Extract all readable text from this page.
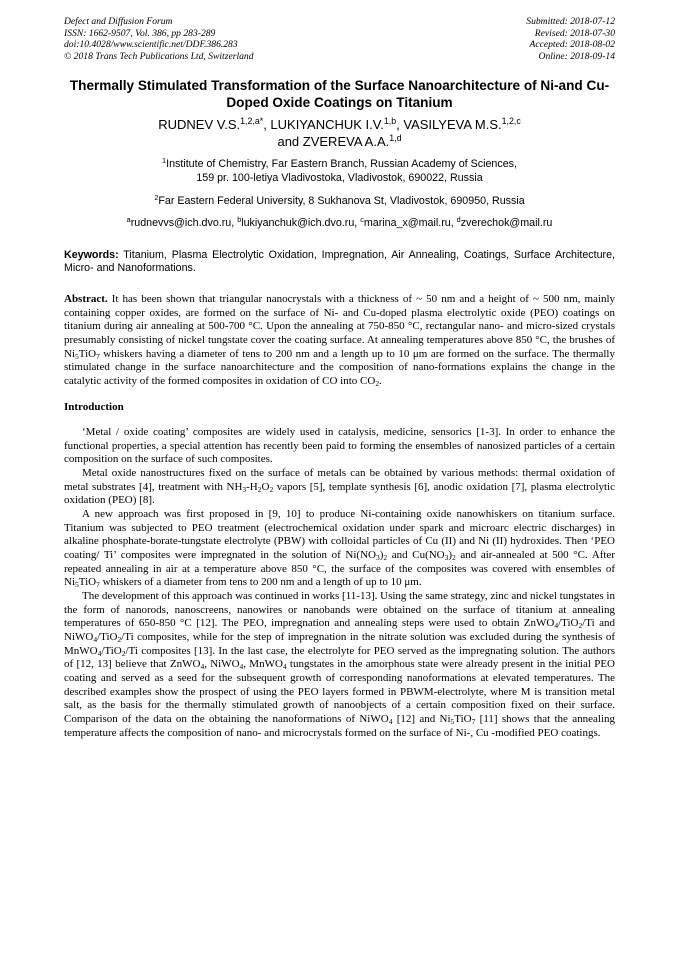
Defect and Diffusion Forum
ISSN: 1662-9507, Vol. 386, pp 283-289
doi:10.4028/www.scientific.net/DDF.386.283
© 2018 Trans Tech Publications Ltd, Switzerland
Submitted: 2018-07-12
Revised: 2018-07-30
Accepted: 2018-08-02
Online: 2018-09-14
Thermally Stimulated Transformation of the Surface Nanoarchitecture of Ni-and Cu-Doped Oxide Coatings on Titanium
RUDNEV V.S.$^{1,2,a*}$, LUKIYANCHUK I.V.$^{1,b}$, VASILYEVA M.S.$^{1,2,c}$
and ZVEREVA A.A.$^{1,d}$
$^1$Institute of Chemistry, Far Eastern Branch, Russian Academy of Sciences,
159 pr. 100-letiya Vladivostoka, Vladivostok, 690022, Russia
$^2$Far Eastern Federal University, 8 Sukhanova St, Vladivostok, 690950, Russia
$^a$rudnevvs@ich.dvo.ru, $^b$lukiyanchuk@ich.dvo.ru, $^c$marina_x@mail.ru, $^d$zverechok@mail.ru
Keywords: Titanium, Plasma Electrolytic Oxidation, Impregnation, Air Annealing, Coatings, Surface Architecture, Micro- and Nanoformations.
Abstract. It has been shown that triangular nanocrystals with a thickness of ~ 50 nm and a height of ~ 500 nm, mainly containing copper oxides, are formed on the surface of Ni- and Cu-doped plasma electrolytic oxide (PEO) coatings on titanium during air annealing at 500-700 °C. Upon the annealing at 750-850 °C, rectangular nano- and micro-sized crystals presumably consisting of nickel tungstate cover the coating surface. At annealing temperatures above 850 °C, the brushes of $Ni_5TiO_7$ whiskers having a diameter of tens to 200 nm and a length up to 10 μm are formed on the surface. The thermally stimulated change in the surface nanoarchitecture and the composition of nano-formations explains the change in the catalytic activity of the formed composites in oxidation of CO into $CO_2$.
Introduction

‘Metal / oxide coating’ composites are widely used in catalysis, medicine, sensorics [1-3]. In order to enhance the functional properties, a special attention has recently been paid to forming the ensembles of nanosized particles of a certain composition on the surface of such composites.

Metal oxide nanostructures fixed on the surface of metals can be obtained by various methods: thermal oxidation of metal substrates [4], treatment with $NH_3-H_2O_2$ vapors [5], template synthesis [6], anodic oxidation [7], plasma electrolytic oxidation (PEO) [8].

A new approach was first proposed in [9, 10] to produce Ni-containing oxide nanowhiskers on titanium surface. Titanium was subjected to PEO treatment (electrochemical oxidation under spark and microarc electric discharges) in alkaline phosphate-borate-tungstate electrolyte (PBW) with colloidal particles of Cu (II) and Ni (II) hydroxides. Then ‘PEO coating/ Ti’ composites were impregnated in the solution of $Ni(NO_3)_2$ and $Cu(NO_3)_2$ and air-annealed at 500 °C. After repeated annealing in air at a temperature above 850 °C, the surface of the composites was covered with ensembles of $Ni_5TiO_7$ whiskers of a diameter from tens to 200 nm and a length of up to 10 μm.

The development of this approach was continued in works [11-13]. Using the same strategy, zinc and nickel tungstates in the form of nanorods, nanoscreens, nanowires or nanobands were obtained on the surface of titanium at annealing temperatures of 650-850 °C [12]. The PEO, impregnation and annealing steps were used to obtain ZnWO$_4$/TiO$_2$/Ti and NiWO$_4$/TiO$_2$/Ti composites, while for the step of impregnation in the nitrate solution was excluded during the synthesis of MnWO$_4$/TiO$_2$/Ti composites [13]. In the last case, the electrolyte for PEO served as the impregnating solution. The authors of [12, 13] believe that ZnWO$_4$, NiWO$_4$, MnWO$_4$ tungstates in the amorphous state were already present in the initial PEO coating and served as a seed for the subsequent growth of corresponding nanoformations at elevated temperatures. The described examples show the prospect of using the PEO layers formed in PBWM-electrolyte, where M is transition metal salt, as the basis for the thermally stimulated growth of nanoobjects of a certain composition fixed on their surface. Comparison of the data on the obtaining the nanoformations of NiWO$_4$ [12] and $Ni_5TiO_7$ [11] shows that the annealing temperature affects the composition of nano- and microcrystals formed on the surface of Ni-, Cu -modified PEO coatings.
